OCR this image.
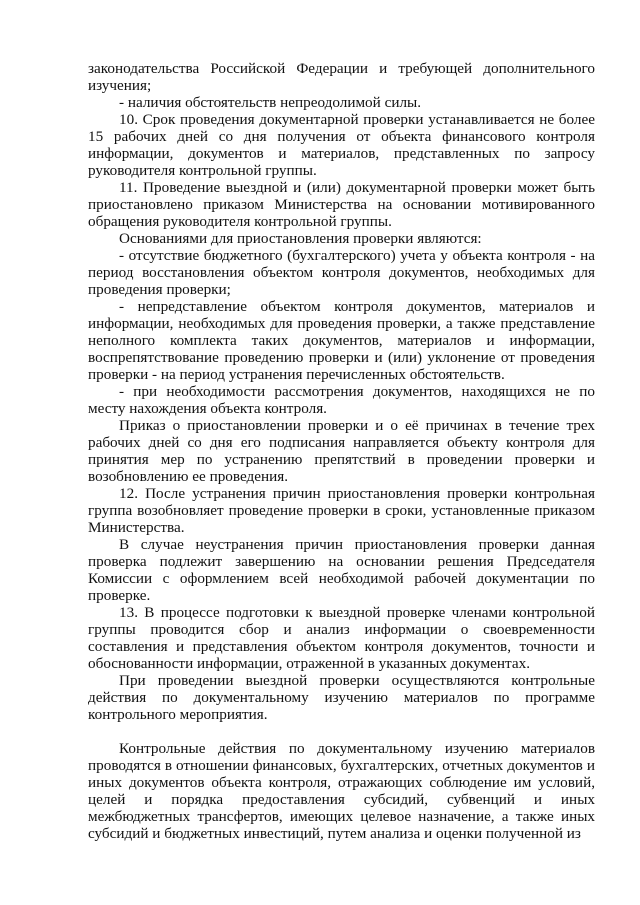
законодательства Российской Федерации и требующей дополнительного изучения;

- наличия обстоятельств непреодолимой силы.

10. Срок проведения документарной проверки устанавливается не более 15 рабочих дней со дня получения от объекта финансового контроля информации, документов и материалов, представленных по запросу руководителя контрольной группы.

11. Проведение выездной и (или) документарной проверки может быть приостановлено приказом Министерства на основании мотивированного обращения руководителя контрольной группы.

Основаниями для приостановления проверки являются:

- отсутствие бюджетного (бухгалтерского) учета у объекта контроля - на период восстановления объектом контроля документов, необходимых для проведения проверки;

- непредставление объектом контроля документов, материалов и информации, необходимых для проведения проверки, а также представление неполного комплекта таких документов, материалов и информации, воспрепятствование проведению проверки и (или) уклонение от проведения проверки - на период устранения перечисленных обстоятельств.

- при необходимости рассмотрения документов, находящихся не по месту нахождения объекта контроля.

Приказ о приостановлении проверки и о её причинах в течение трех рабочих дней со дня его подписания направляется объекту контроля для принятия мер по устранению препятствий в проведении проверки и возобновлению ее проведения.

12. После устранения причин приостановления проверки контрольная группа возобновляет проведение проверки в сроки, установленные приказом Министерства.

В случае неустранения причин приостановления проверки данная проверка подлежит завершению на основании решения Председателя Комиссии с оформлением всей необходимой рабочей документации по проверке.

13. В процессе подготовки к выездной проверке членами контрольной группы проводится сбор и анализ информации о своевременности составления и представления объектом контроля документов, точности и обоснованности информации, отраженной в указанных документах.

При проведении выездной проверки осуществляются контрольные действия по документальному изучению материалов по программе контрольного мероприятия.

Контрольные действия по документальному изучению материалов проводятся в отношении финансовых, бухгалтерских, отчетных документов и иных документов объекта контроля, отражающих соблюдение им условий, целей и порядка предоставления субсидий, субвенций и иных межбюджетных трансфертов, имеющих целевое назначение, а также иных субсидий и бюджетных инвестиций, путем анализа и оценки полученной из
